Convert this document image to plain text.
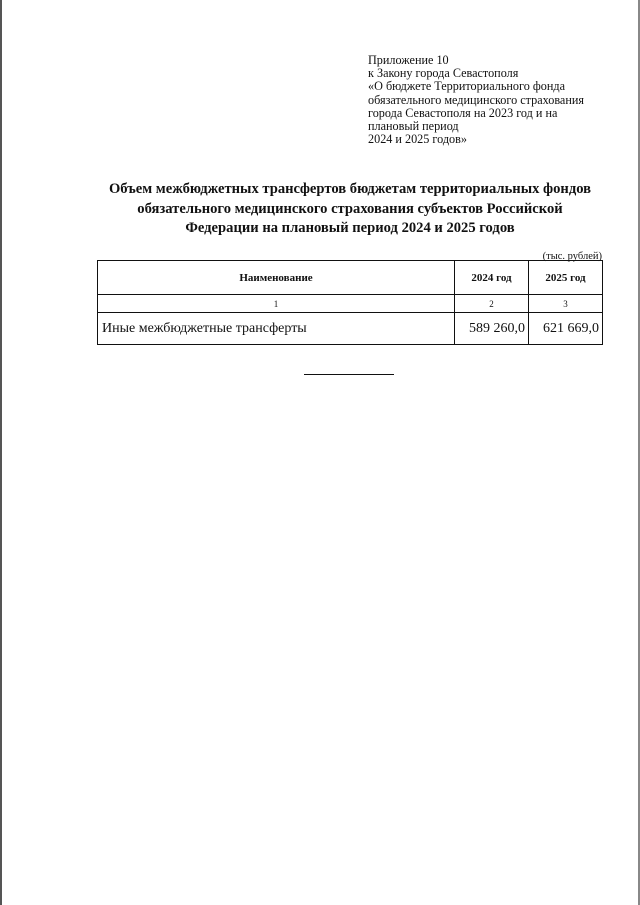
Приложение 10
к Закону города Севастополя
«О бюджете Территориального фонда
обязательного медицинского страхования
города Севастополя на 2023 год и на
плановый период
2024 и 2025 годов»
Объем межбюджетных трансфертов бюджетам территориальных фондов
обязательного медицинского страхования субъектов Российской
Федерации на плановый период 2024 и 2025 годов
(тыс. рублей)
Наименование	2024 год	2025 год
1	2	3
Иные межбюджетные трансферты	589 260,0	621 669,0
